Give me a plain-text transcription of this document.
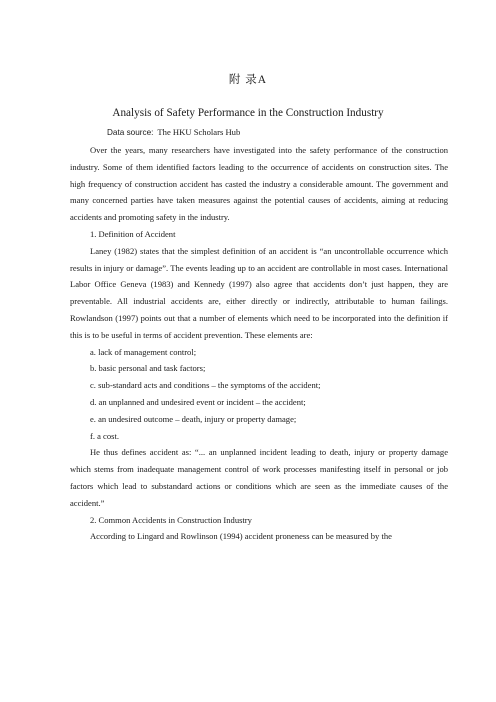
附 录A
Analysis of Safety Performance in the Construction Industry
Data source: The HKU Scholars Hub

Over the years, many researchers have investigated into the safety performance of the construction industry. Some of them identified factors leading to the occurrence of accidents on construction sites. The high frequency of construction accident has casted the industry a considerable amount. The government and many concerned parties have taken measures against the potential causes of accidents, aiming at reducing accidents and promoting safety in the industry.

1. Definition of Accident

Laney (1982) states that the simplest definition of an accident is “an uncontrollable occurrence which results in injury or damage”. The events leading up to an accident are controllable in most cases. International Labor Office Geneva (1983) and Kennedy (1997) also agree that accidents don’t just happen, they are preventable. All industrial accidents are, either directly or indirectly, attributable to human failings. Rowlandson (1997) points out that a number of elements which need to be incorporated into the definition if this is to be useful in terms of accident prevention. These elements are:

a. lack of management control;

b. basic personal and task factors;

c. sub-standard acts and conditions – the symptoms of the accident;

d. an unplanned and undesired event or incident – the accident;

e. an undesired outcome – death, injury or property damage;

f. a cost.

He thus defines accident as: “... an unplanned incident leading to death, injury or property damage which stems from inadequate management control of work processes manifesting itself in personal or job factors which lead to substandard actions or conditions which are seen as the immediate causes of the accident.”

2. Common Accidents in Construction Industry

According to Lingard and Rowlinson (1994) accident proneness can be measured by the
